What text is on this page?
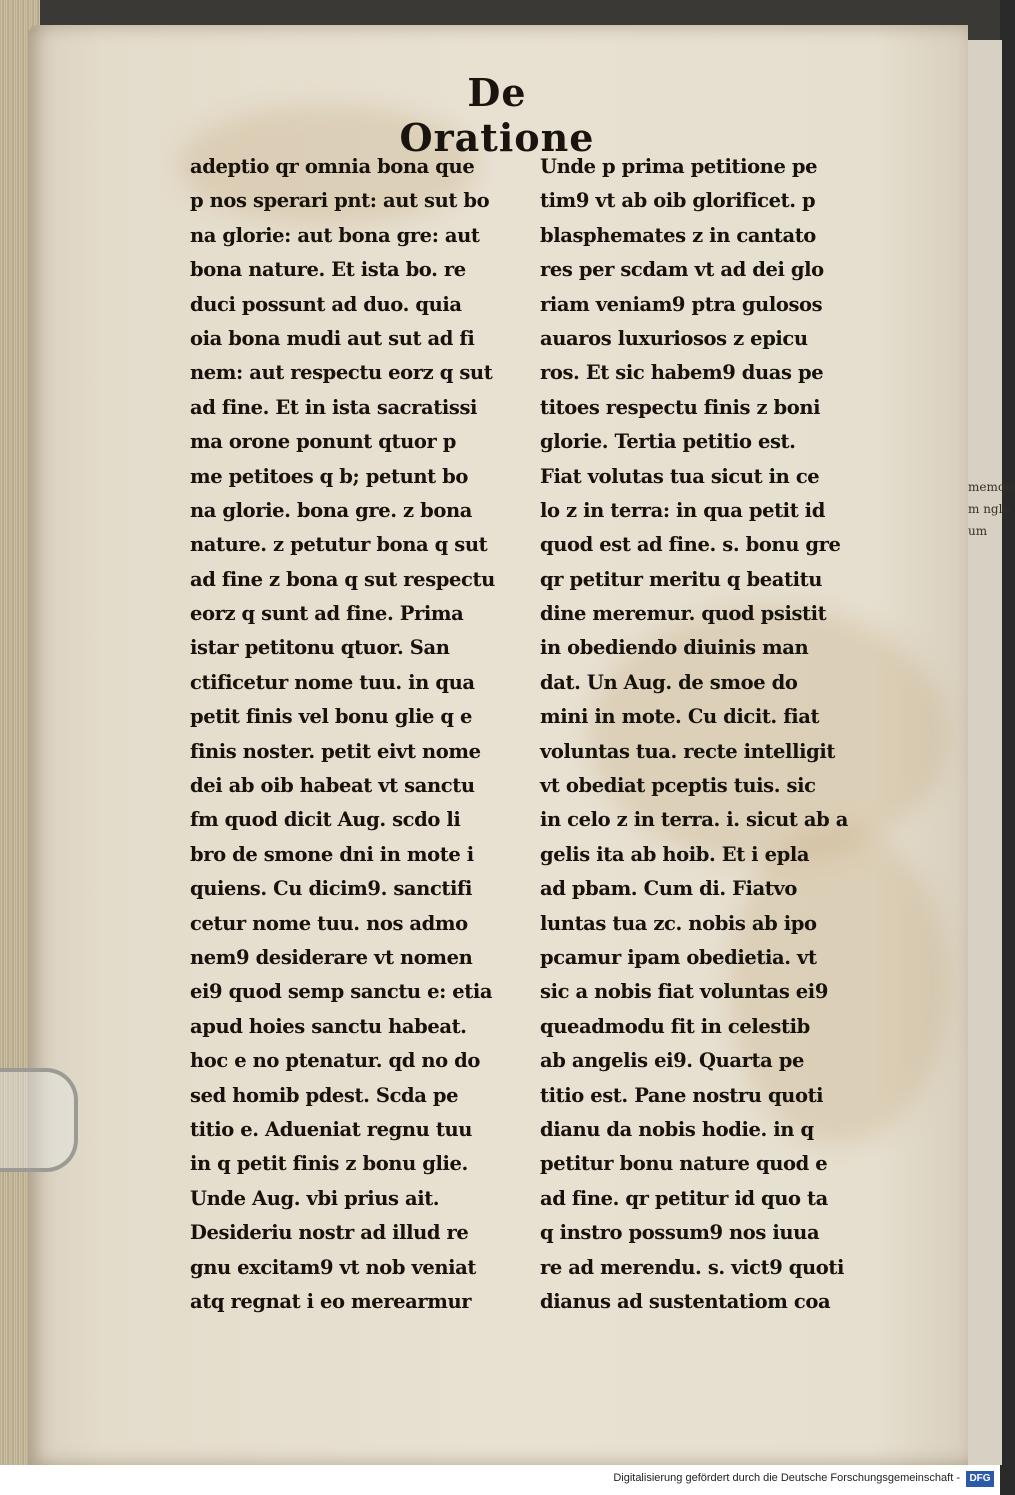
memori
m nglo
um
De Oratione
adeptio qr omnia bona que
p nos sperari pnt: aut sut bo
na glorie: aut bona gre: aut
bona nature. Et ista bo. re
duci possunt ad duo. quia
oia bona mudi aut sut ad fi
nem: aut respectu eorz q sut
ad fine. Et in ista sacratissi
ma orone ponunt qtuor p
me petitoes q b; petunt bo
na glorie. bona gre. z bona
nature. z petutur bona q sut
ad fine z bona q sut respectu
eorz q sunt ad fine. Prima
istar petitonu qtuor. San
ctificetur nome tuu. in qua
petit finis vel bonu glie q e
finis noster. petit eivt nome
dei ab oib habeat vt sanctu
fm quod dicit Aug. scdo li
bro de smone dni in mote i
quiens. Cu dicim9. sanctifi
cetur nome tuu. nos admo
nem9 desiderare vt nomen
ei9 quod semp sanctu e: etia
apud hoies sanctu habeat.
hoc e no ptenatur. qd no do
sed homib pdest. Scda pe
titio e. Adueniat regnu tuu
in q petit finis z bonu glie.
Unde Aug. vbi prius ait.
Desideriu nostr ad illud re
gnu excitam9 vt nob veniat
atq regnat i eo merearmur
Unde p prima petitione pe
tim9 vt ab oib glorificet. p
blasphemates z in cantato
res per scdam vt ad dei glo
riam veniam9 ptra gulosos
auaros luxuriosos z epicu
ros. Et sic habem9 duas pe
titoes respectu finis z boni
glorie. Tertia petitio est.
Fiat volutas tua sicut in ce
lo z in terra: in qua petit id
quod est ad fine. s. bonu gre
qr petitur meritu q beatitu
dine meremur. quod psistit
in obediendo diuinis man
dat. Un Aug. de smoe do
mini in mote. Cu dicit. fiat
voluntas tua. recte intelligit
vt obediat pceptis tuis. sic
in celo z in terra. i. sicut ab a
gelis ita ab hoib. Et i epla
ad pbam. Cum di. Fiatvo
luntas tua zc. nobis ab ipo
pcamur ipam obedietia. vt
sic a nobis fiat voluntas ei9
queadmodu fit in celestib
ab angelis ei9. Quarta pe
titio est. Pane nostru quoti
dianu da nobis hodie. in q
petitur bonu nature quod e
ad fine. qr petitur id quo ta
q instro possum9 nos iuua
re ad merendu. s. vict9 quoti
dianus ad sustentatiom coa
Digitalisierung gefördert durch die Deutsche Forschungsgemeinschaft - DFG
